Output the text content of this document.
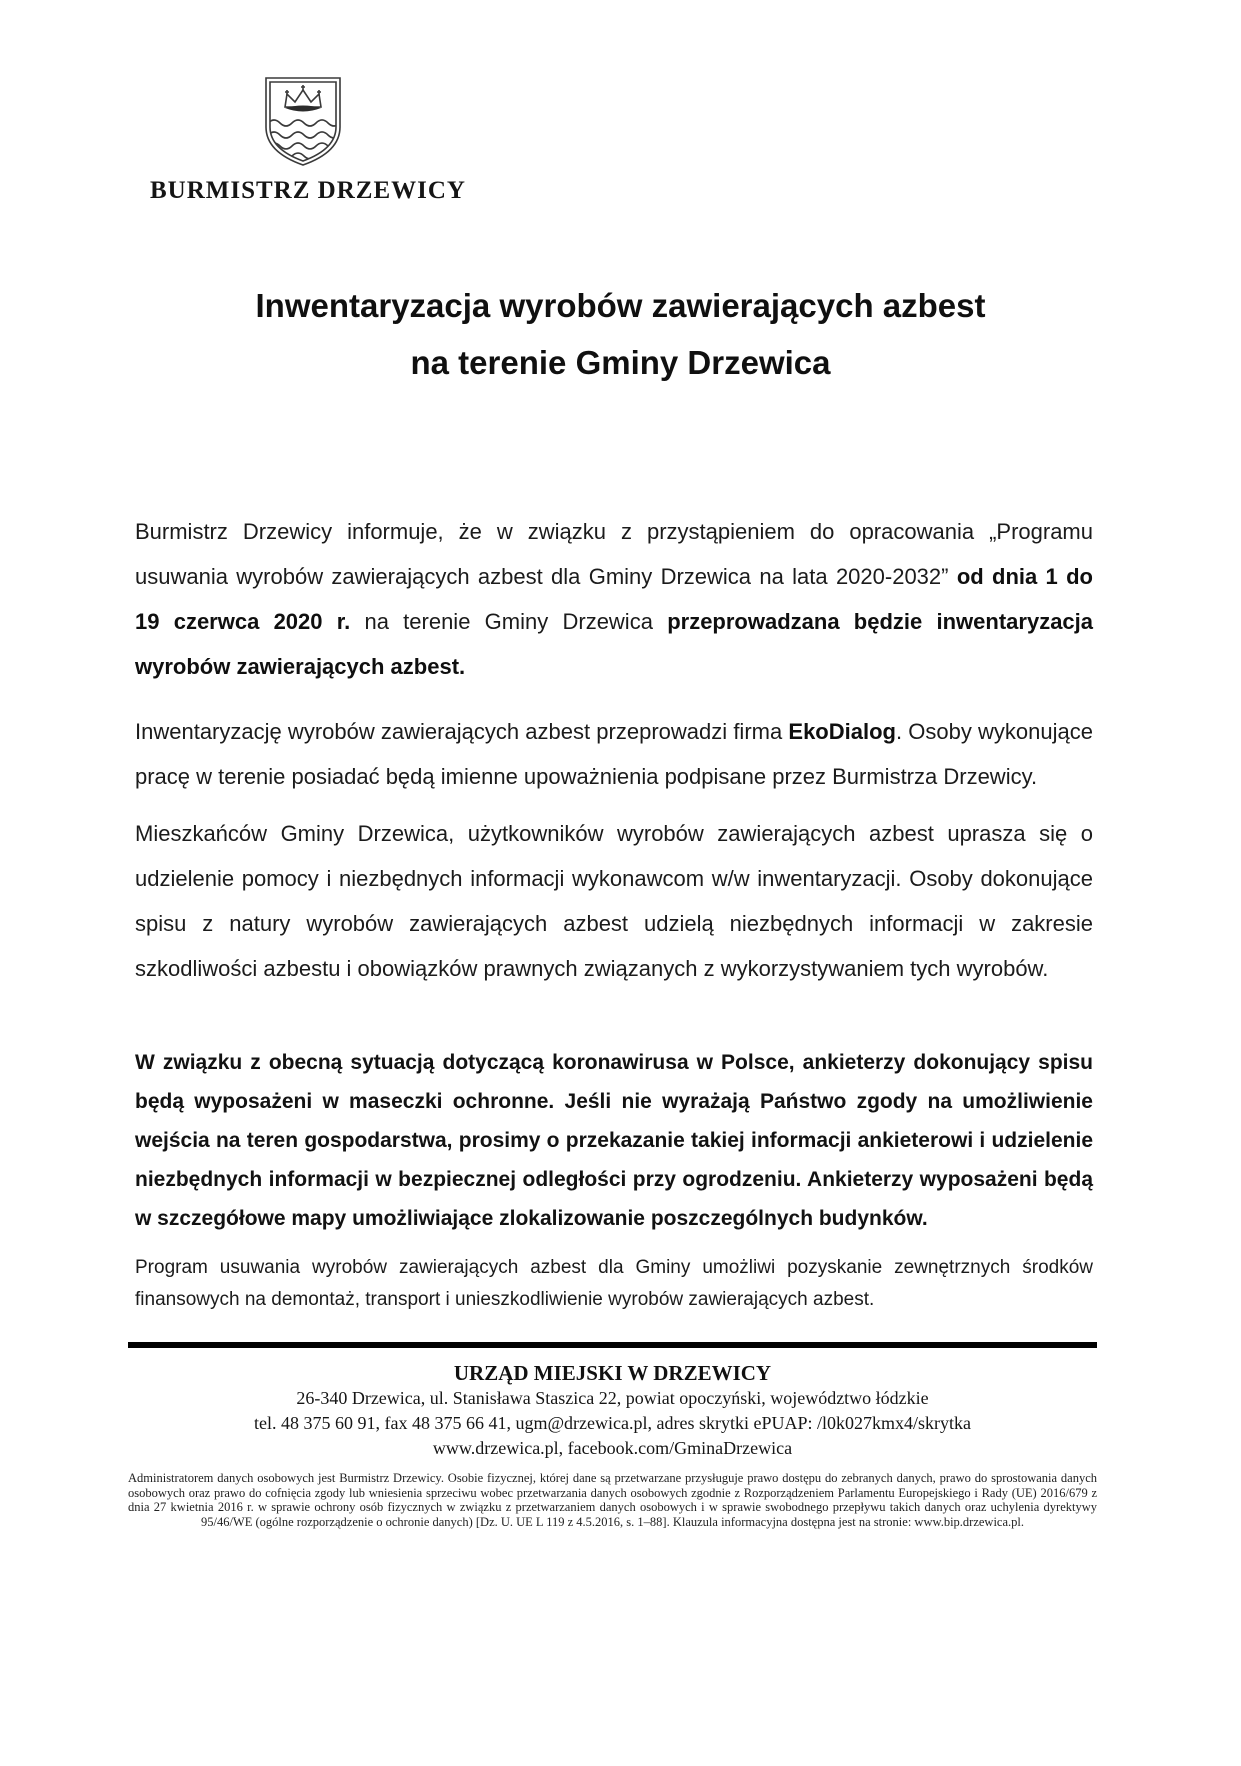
BURMISTRZ DRZEWICY
Inwentaryzacja wyrobów zawierających azbest
na terenie Gminy Drzewica

Burmistrz Drzewicy informuje, że w związku z przystąpieniem do opracowania „Programu usuwania wyrobów zawierających azbest dla Gminy Drzewica na lata 2020-2032” od dnia 1 do 19 czerwca 2020 r. na terenie Gminy Drzewica przeprowadzana będzie inwentaryzacja wyrobów zawierających azbest.

Inwentaryzację wyrobów zawierających azbest przeprowadzi firma EkoDialog. Osoby wykonujące pracę w terenie posiadać będą imienne upoważnienia podpisane przez Burmistrza Drzewicy.

Mieszkańców Gminy Drzewica, użytkowników wyrobów zawierających azbest uprasza się o udzielenie pomocy i niezbędnych informacji wykonawcom w/w inwentaryzacji. Osoby dokonujące spisu z natury wyrobów zawierających azbest udzielą niezbędnych informacji w zakresie szkodliwości azbestu i obowiązków prawnych związanych z wykorzystywaniem tych wyrobów.

W związku z obecną sytuacją dotyczącą koronawirusa w Polsce, ankieterzy dokonujący spisu będą wyposażeni w maseczki ochronne. Jeśli nie wyrażają Państwo zgody na umożliwienie wejścia na teren gospodarstwa, prosimy o przekazanie takiej informacji ankieterowi i udzielenie niezbędnych informacji w bezpiecznej odległości przy ogrodzeniu. Ankieterzy wyposażeni będą w szczegółowe mapy umożliwiające zlokalizowanie poszczególnych budynków.

Program usuwania wyrobów zawierających azbest dla Gminy umożliwi pozyskanie zewnętrznych środków finansowych na demontaż, transport i unieszkodliwienie wyrobów zawierających azbest.

URZĄD MIEJSKI W DRZEWICY
26-340 Drzewica, ul. Stanisława Staszica 22, powiat opoczyński, województwo łódzkie
tel. 48 375 60 91, fax 48 375 66 41, ugm@drzewica.pl, adres skrytki ePUAP: /l0k027kmx4/skrytka
www.drzewica.pl, facebook.com/GminaDrzewica
Administratorem danych osobowych jest Burmistrz Drzewicy. Osobie fizycznej, której dane są przetwarzane przysługuje prawo dostępu do zebranych danych, prawo do sprostowania danych osobowych oraz prawo do cofnięcia zgody lub wniesienia sprzeciwu wobec przetwarzania danych osobowych zgodnie z Rozporządzeniem Parlamentu Europejskiego i Rady (UE) 2016/679 z dnia 27 kwietnia 2016 r. w sprawie ochrony osób fizycznych w związku z przetwarzaniem danych osobowych i w sprawie swobodnego przepływu takich danych oraz uchylenia dyrektywy 95/46/WE (ogólne rozporządzenie o ochronie danych) [Dz. U. UE L 119 z 4.5.2016, s. 1–88]. Klauzula informacyjna dostępna jest na stronie: www.bip.drzewica.pl.
